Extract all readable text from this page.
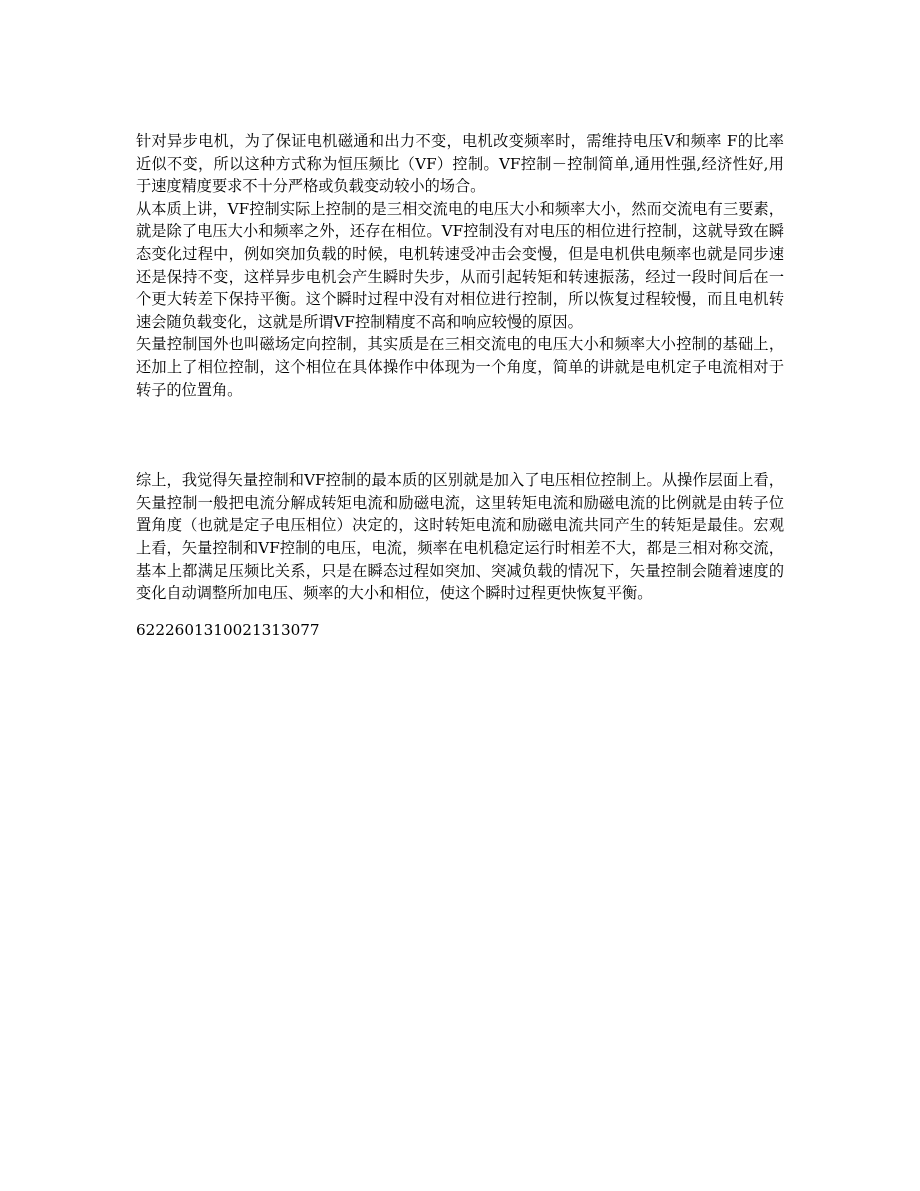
针对异步电机，为了保证电机磁通和出力不变，电机改变频率时，需维持电压V和频率 F的比率近似不变，所以这种方式称为恒压频比（VF）控制。VF控制－控制简单,通用性强,经济性好,用于速度精度要求不十分严格或负载变动较小的场合。

从本质上讲，VF控制实际上控制的是三相交流电的电压大小和频率大小，然而交流电有三要素，就是除了电压大小和频率之外，还存在相位。VF控制没有对电压的相位进行控制，这就导致在瞬态变化过程中，例如突加负载的时候，电机转速受冲击会变慢，但是电机供电频率也就是同步速还是保持不变，这样异步电机会产生瞬时失步，从而引起转矩和转速振荡，经过一段时间后在一个更大转差下保持平衡。这个瞬时过程中没有对相位进行控制，所以恢复过程较慢，而且电机转速会随负载变化，这就是所谓VF控制精度不高和响应较慢的原因。

矢量控制国外也叫磁场定向控制，其实质是在三相交流电的电压大小和频率大小控制的基础上，还加上了相位控制，这个相位在具体操作中体现为一个角度，简单的讲就是电机定子电流相对于转子的位置角。

综上，我觉得矢量控制和VF控制的最本质的区别就是加入了电压相位控制上。从操作层面上看，矢量控制一般把电流分解成转矩电流和励磁电流，这里转矩电流和励磁电流的比例就是由转子位置角度（也就是定子电压相位）决定的，这时转矩电流和励磁电流共同产生的转矩是最佳。宏观上看，矢量控制和VF控制的电压，电流，频率在电机稳定运行时相差不大，都是三相对称交流，基本上都满足压频比关系，只是在瞬态过程如突加、突减负载的情况下，矢量控制会随着速度的变化自动调整所加电压、频率的大小和相位，使这个瞬时过程更快恢复平衡。

6222601310021313077
